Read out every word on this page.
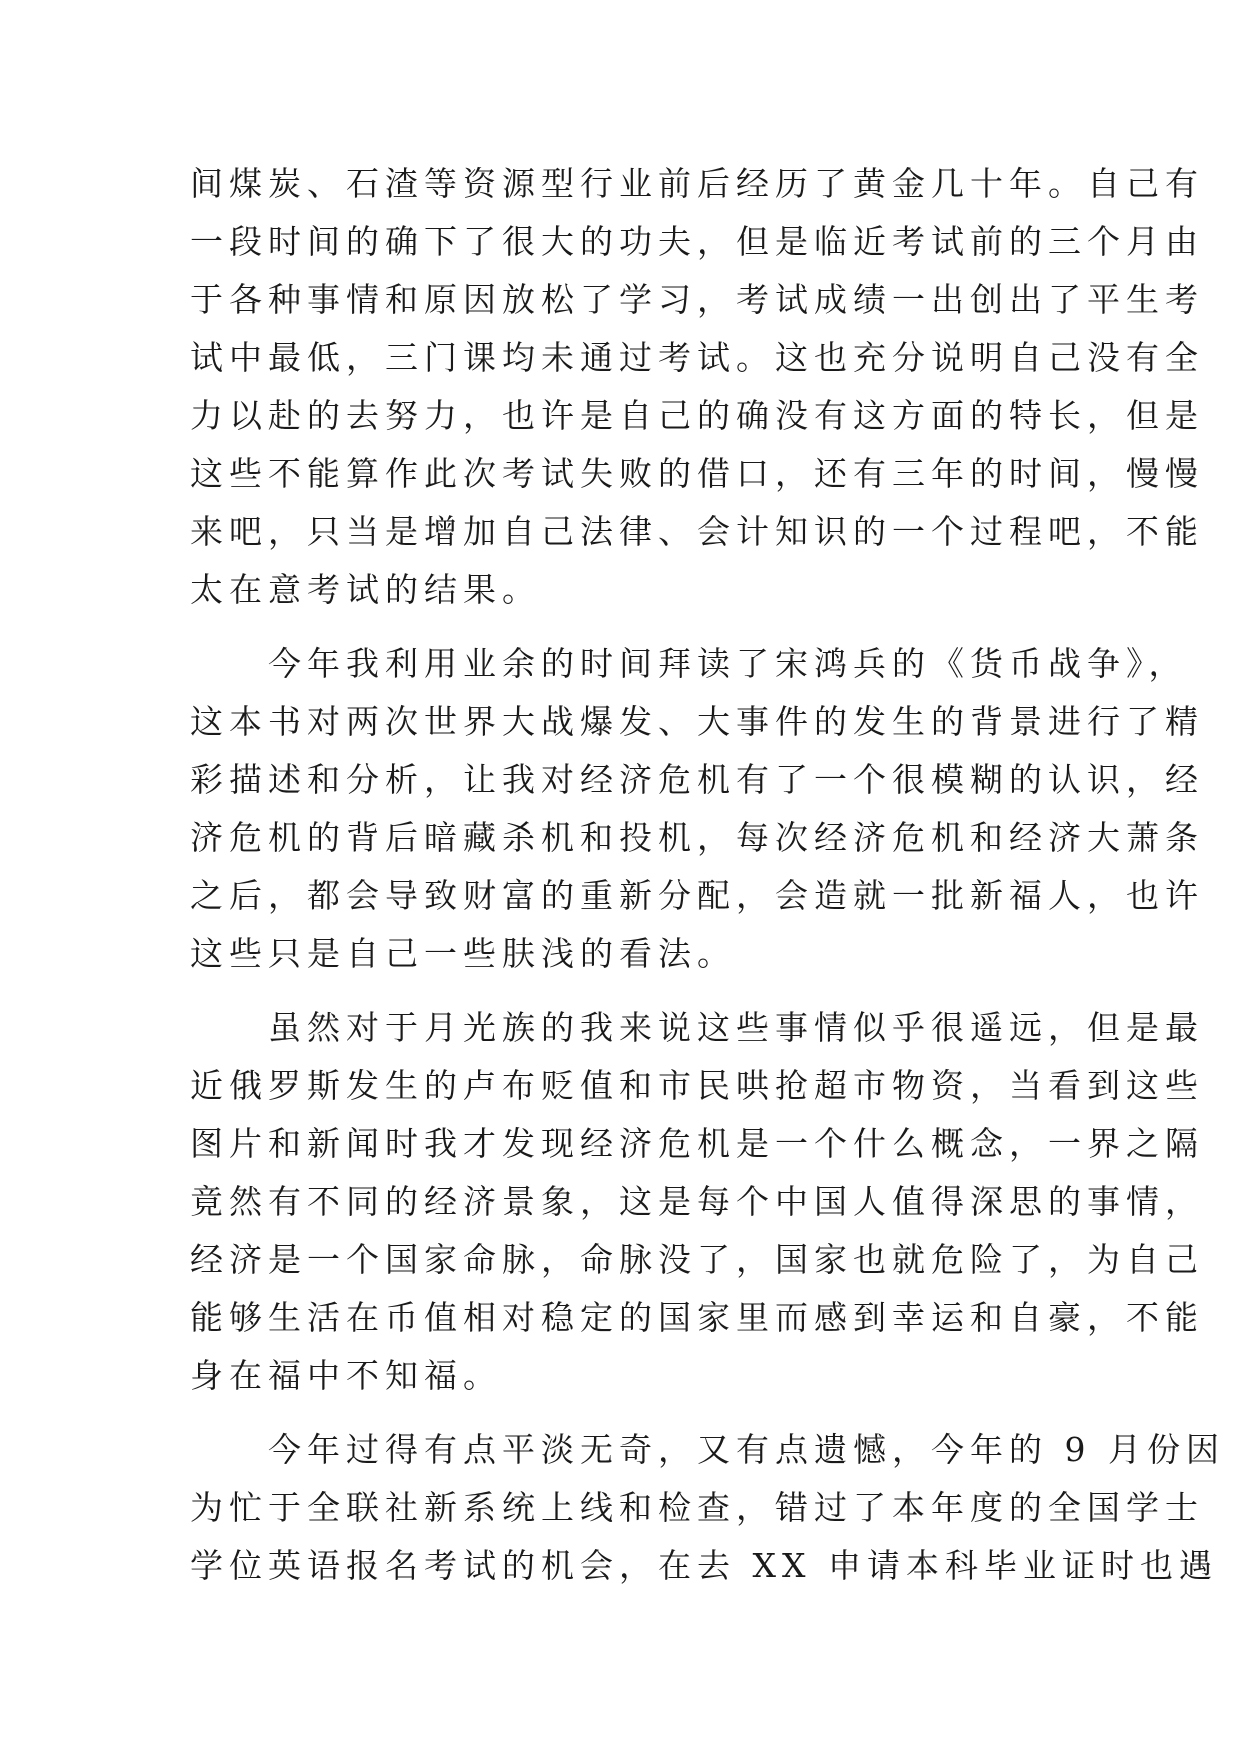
间煤炭、石渣等资源型行业前后经历了黄金几十年。自己有
一段时间的确下了很大的功夫，但是临近考试前的三个月由
于各种事情和原因放松了学习，考试成绩一出创出了平生考
试中最低，三门课均未通过考试。这也充分说明自己没有全
力以赴的去努力，也许是自己的确没有这方面的特长，但是
这些不能算作此次考试失败的借口，还有三年的时间，慢慢
来吧，只当是增加自己法律、会计知识的一个过程吧，不能
太在意考试的结果。
　　今年我利用业余的时间拜读了宋鸿兵的《货币战争》，
这本书对两次世界大战爆发、大事件的发生的背景进行了精
彩描述和分析，让我对经济危机有了一个很模糊的认识，经
济危机的背后暗藏杀机和投机，每次经济危机和经济大萧条
之后，都会导致财富的重新分配，会造就一批新福人，也许
这些只是自己一些肤浅的看法。
　　虽然对于月光族的我来说这些事情似乎很遥远，但是最
近俄罗斯发生的卢布贬值和市民哄抢超市物资，当看到这些
图片和新闻时我才发现经济危机是一个什么概念，一界之隔
竟然有不同的经济景象，这是每个中国人值得深思的事情，
经济是一个国家命脉，命脉没了，国家也就危险了，为自己
能够生活在币值相对稳定的国家里而感到幸运和自豪，不能
身在福中不知福。
　　今年过得有点平淡无奇，又有点遗憾，今年的 9 月份因
为忙于全联社新系统上线和检查，错过了本年度的全国学士
学位英语报名考试的机会，在去 XX 申请本科毕业证时也遇
